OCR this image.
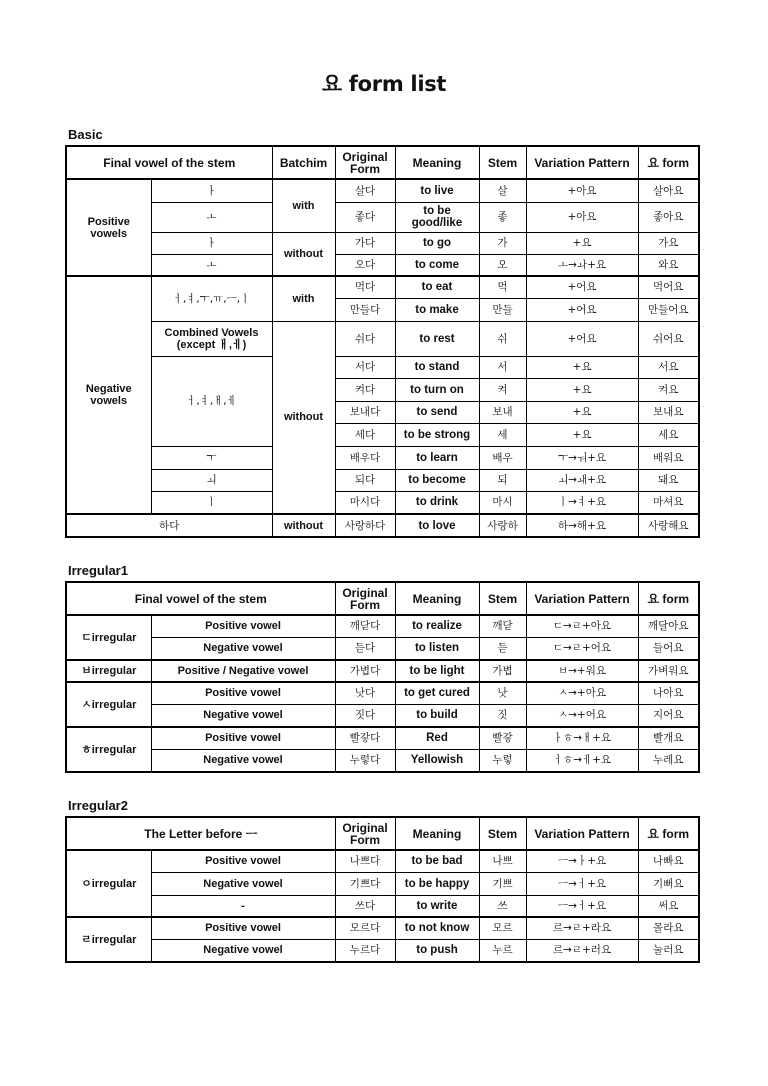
요 form list
Basic
Final vowel of the stem		Batchim	Original Form	Meaning	Stem	Variation Pattern	요 form
Positive vowels	ㅏ	with	살다	to live	살	+아요	살아요
	ㅗ		좋다	to be good/like	좋	+아요	좋아요
	ㅏ	without	가다	to go	가	+요	가요
	ㅗ		오다	to come	오	ㅗ→ㅘ+요	와요
Negative vowels	ㅓ,ㅕ,ㅜ,ㅠ,ㅡ,ㅣ	with	먹다	to eat	먹	+어요	먹어요
			만들다	to make	만들	+어요	만들어요
	Combined Vowels (except ㅐ,ㅔ)	without	쉬다	to rest	쉬	+어요	쉬어요
	ㅓ,ㅕ,ㅐ,ㅔ		서다	to stand	서	+요	서요
			켜다	to turn on	켜	+요	켜요
			보내다	to send	보내	+요	보내요
			세다	to be strong	세	+요	세요
	ㅜ		배우다	to learn	배우	ㅜ→ㅝ+요	배워요
	ㅚ		되다	to become	되	ㅚ→ㅙ+요	돼요
	ㅣ		마시다	to drink	마시	ㅣ→ㅕ+요	마셔요
하다		without	사랑하다	to love	사랑하	하→해+요	사랑해요
Irregular1
Final vowel of the stem		Original Form	Meaning	Stem	Variation Pattern	요 form
ㄷirregular	Positive vowel	깨닫다	to realize	깨닫	ㄷ→ㄹ+아요	깨달아요
	Negative vowel	듣다	to listen	듣	ㄷ→ㄹ+어요	들어요
ㅂirregular	Positive / Negative vowel	가볍다	to be light	가볍	ㅂ→+워요	가벼워요
ㅅirregular	Positive vowel	낫다	to get cured	낫	ㅅ→+아요	나아요
	Negative vowel	짓다	to build	짓	ㅅ→+어요	지어요
ㅎirregular	Positive vowel	빨갛다	Red	빨갛	ㅏㅎ→ㅐ+요	빨개요
	Negative vowel	누렇다	Yellowish	누렇	ㅓㅎ→ㅔ+요	누레요
Irregular2
The Letter before ㅡ		Original Form	Meaning	Stem	Variation Pattern	요 form
ㅇirregular	Positive vowel	나쁘다	to be bad	나쁘	ㅡ→ㅏ+요	나빠요
	Negative vowel	기쁘다	to be happy	기쁘	ㅡ→ㅓ+요	기뻐요
	-	쓰다	to write	쓰	ㅡ→ㅓ+요	써요
ㄹirregular	Positive vowel	모르다	to not know	모르	르→ㄹ+라요	몰라요
	Negative vowel	누르다	to push	누르	르→ㄹ+러요	눌러요
